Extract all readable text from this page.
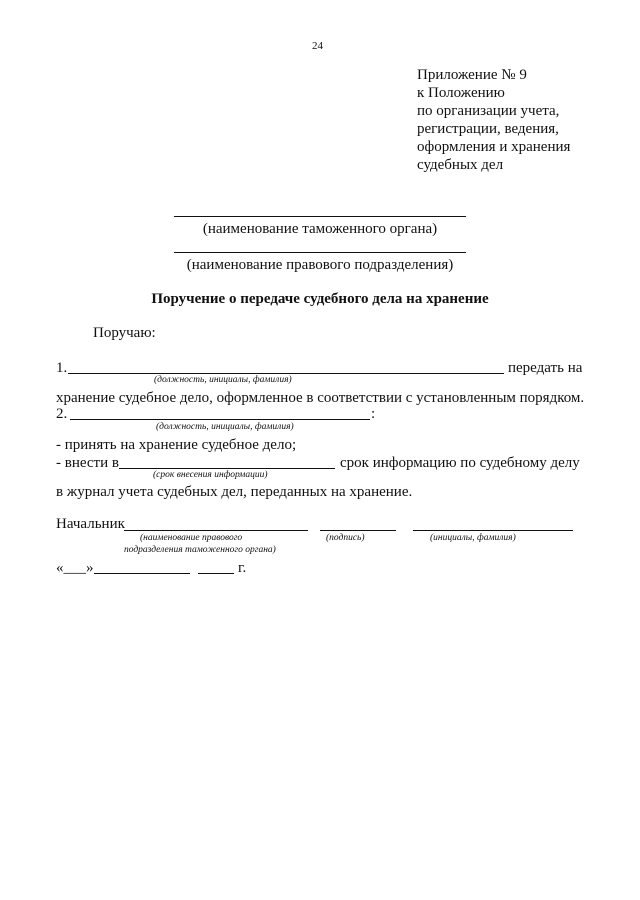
24
Приложение № 9
к Положению
по организации учета,
регистрации, ведения,
оформления и хранения
судебных дел
(наименование таможенного органа)
(наименование правового подразделения)
Поручение о передаче судебного дела на хранение
Поручаю:
1.	передать на
(должность, инициалы, фамилия)
хранение судебное дело, оформленное в соответствии с установленным порядком.
2.	:
(должность, инициалы, фамилия)
- принять на хранение судебное дело;
- внести в	срок информацию по судебному делу
(срок внесения информации)
в журнал учета судебных дел, переданных на хранение.
Начальник
(наименование правового
подразделения таможенного органа)
(подпись)	(инициалы, фамилия)
«___»	г.
